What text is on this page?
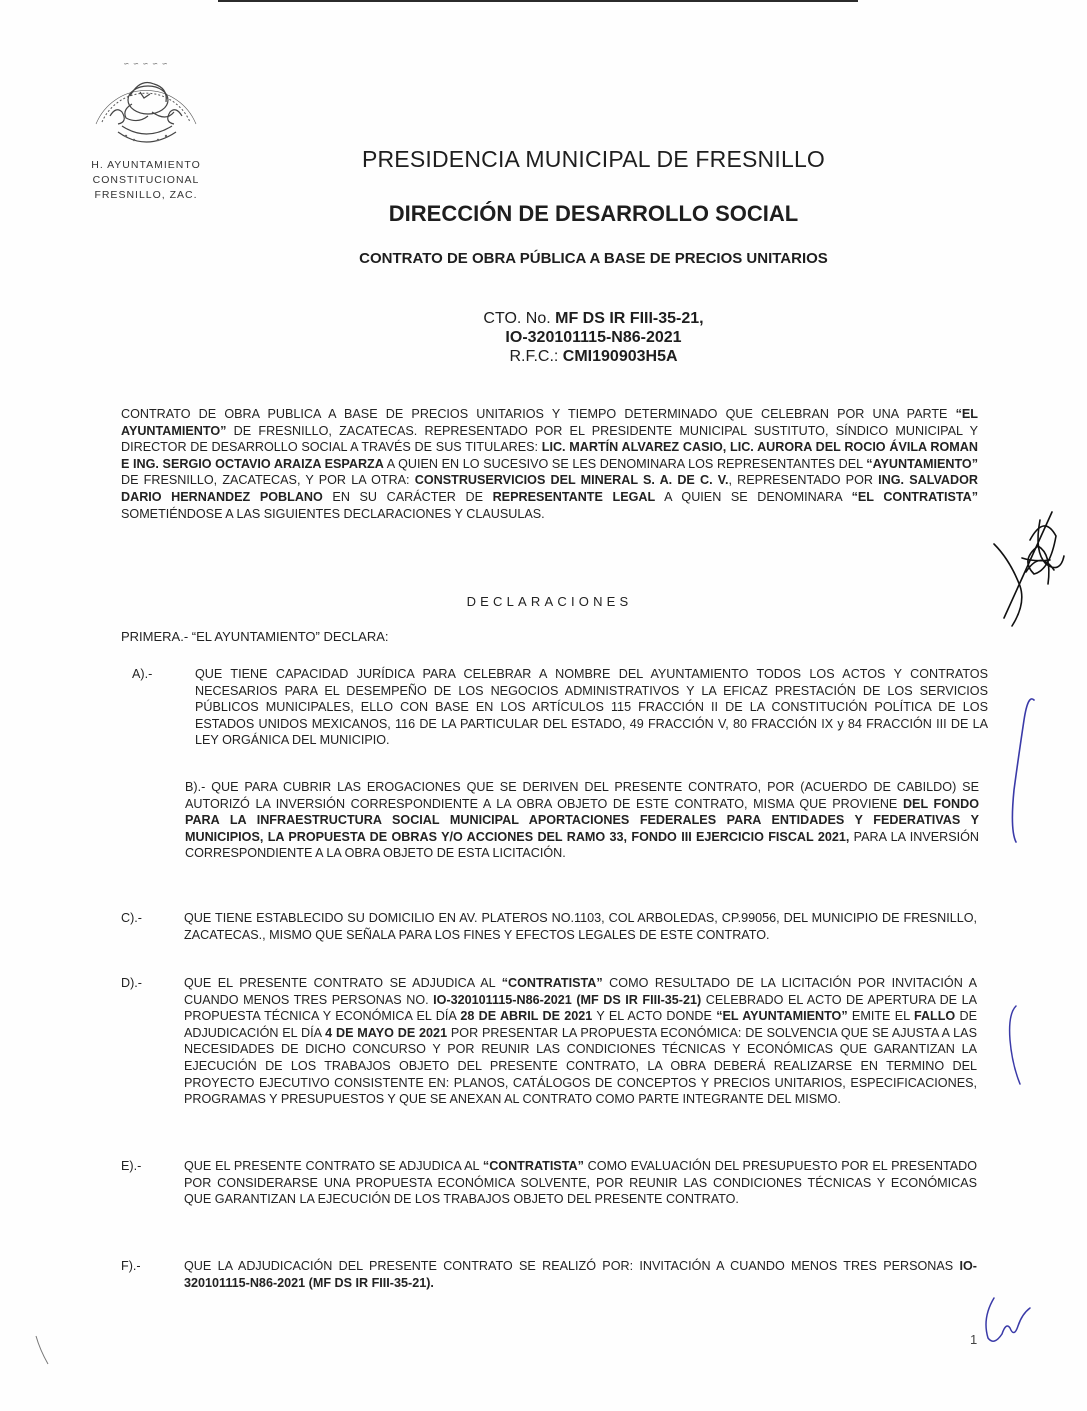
∽ ∽ ∽ ∽ ∽
H. AYUNTAMIENTO
CONSTITUCIONAL
FRESNILLO, ZAC.
PRESIDENCIA MUNICIPAL DE FRESNILLO
DIRECCIÓN DE DESARROLLO SOCIAL
CONTRATO DE OBRA PÚBLICA A BASE DE PRECIOS UNITARIOS
CTO. No. MF DS IR FIII-35-21,
IO-320101115-N86-2021
R.F.C.: CMI190903H5A
CONTRATO DE OBRA PUBLICA A BASE DE PRECIOS UNITARIOS Y TIEMPO DETERMINADO QUE CELEBRAN POR UNA PARTE “EL AYUNTAMIENTO” DE FRESNILLO, ZACATECAS. REPRESENTADO POR EL PRESIDENTE MUNICIPAL SUSTITUTO, SÍNDICO MUNICIPAL Y DIRECTOR DE DESARROLLO SOCIAL A TRAVÉS DE SUS TITULARES: LIC. MARTÍN ALVAREZ CASIO, LIC. AURORA DEL ROCIO ÁVILA ROMAN E ING. SERGIO OCTAVIO ARAIZA ESPARZA A QUIEN EN LO SUCESIVO SE LES DENOMINARA LOS REPRESENTANTES DEL “AYUNTAMIENTO” DE FRESNILLO, ZACATECAS, Y POR LA OTRA: CONSTRUSERVICIOS DEL MINERAL S. A. DE C. V., REPRESENTADO POR ING. SALVADOR DARIO HERNANDEZ POBLANO EN SU CARÁCTER DE REPRESENTANTE LEGAL A QUIEN SE DENOMINARA “EL CONTRATISTA” SOMETIÉNDOSE A LAS SIGUIENTES DECLARACIONES Y CLAUSULAS.
DECLARACIONES
PRIMERA.- “EL AYUNTAMIENTO” DECLARA:
A).-	QUE TIENE CAPACIDAD JURÍDICA PARA CELEBRAR A NOMBRE DEL AYUNTAMIENTO TODOS LOS ACTOS Y CONTRATOS NECESARIOS PARA EL DESEMPEÑO DE LOS NEGOCIOS ADMINISTRATIVOS Y LA EFICAZ PRESTACIÓN DE LOS SERVICIOS PÚBLICOS MUNICIPALES, ELLO CON BASE EN LOS ARTÍCULOS 115 FRACCIÓN II DE LA CONSTITUCIÓN POLÍTICA DE LOS ESTADOS UNIDOS MEXICANOS, 116 DE LA PARTICULAR DEL ESTADO, 49 FRACCIÓN V, 80 FRACCIÓN IX y 84 FRACCIÓN III DE LA LEY ORGÁNICA DEL MUNICIPIO.
B).- QUE PARA CUBRIR LAS EROGACIONES QUE SE DERIVEN DEL PRESENTE CONTRATO, POR (ACUERDO DE CABILDO) SE AUTORIZÓ LA INVERSIÓN CORRESPONDIENTE A LA OBRA OBJETO DE ESTE CONTRATO, MISMA QUE PROVIENE DEL FONDO PARA LA INFRAESTRUCTURA SOCIAL MUNICIPAL APORTACIONES FEDERALES PARA ENTIDADES Y FEDERATIVAS Y MUNICIPIOS, LA PROPUESTA DE OBRAS Y/O ACCIONES DEL RAMO 33, FONDO III EJERCICIO FISCAL 2021, PARA LA INVERSIÓN CORRESPONDIENTE A LA OBRA OBJETO DE ESTA LICITACIÓN.
C).-	QUE TIENE ESTABLECIDO SU DOMICILIO EN AV. PLATEROS NO.1103, COL ARBOLEDAS, CP.99056, DEL MUNICIPIO DE FRESNILLO, ZACATECAS., MISMO QUE SEÑALA PARA LOS FINES Y EFECTOS LEGALES DE ESTE CONTRATO.
D).-	QUE EL PRESENTE CONTRATO SE ADJUDICA AL “CONTRATISTA” COMO RESULTADO DE LA LICITACIÓN POR INVITACIÓN A CUANDO MENOS TRES PERSONAS NO. IO-320101115-N86-2021 (MF DS IR FIII-35-21) CELEBRADO EL ACTO DE APERTURA DE LA PROPUESTA TÉCNICA Y ECONÓMICA EL DÍA 28 DE ABRIL DE 2021 Y EL ACTO DONDE “EL AYUNTAMIENTO” EMITE EL FALLO DE ADJUDICACIÓN EL DÍA 4 DE MAYO DE 2021 POR PRESENTAR LA PROPUESTA ECONÓMICA: DE SOLVENCIA QUE SE AJUSTA A LAS NECESIDADES DE DICHO CONCURSO Y POR REUNIR LAS CONDICIONES TÉCNICAS Y ECONÓMICAS QUE GARANTIZAN LA EJECUCIÓN DE LOS TRABAJOS OBJETO DEL PRESENTE CONTRATO, LA OBRA DEBERÁ REALIZARSE EN TERMINO DEL PROYECTO EJECUTIVO CONSISTENTE EN: PLANOS, CATÁLOGOS DE CONCEPTOS Y PRECIOS UNITARIOS, ESPECIFICACIONES, PROGRAMAS Y PRESUPUESTOS Y QUE SE ANEXAN AL CONTRATO COMO PARTE INTEGRANTE DEL MISMO.
E).-	QUE EL PRESENTE CONTRATO SE ADJUDICA AL “CONTRATISTA” COMO EVALUACIÓN DEL PRESUPUESTO POR EL PRESENTADO POR CONSIDERARSE UNA PROPUESTA ECONÓMICA SOLVENTE, POR REUNIR LAS CONDICIONES TÉCNICAS Y ECONÓMICAS QUE GARANTIZAN LA EJECUCIÓN DE LOS TRABAJOS OBJETO DEL PRESENTE CONTRATO.
F).-	QUE LA ADJUDICACIÓN DEL PRESENTE CONTRATO SE REALIZÓ POR: INVITACIÓN A CUANDO MENOS TRES PERSONAS IO-320101115-N86-2021 (MF DS IR FIII-35-21).
1
